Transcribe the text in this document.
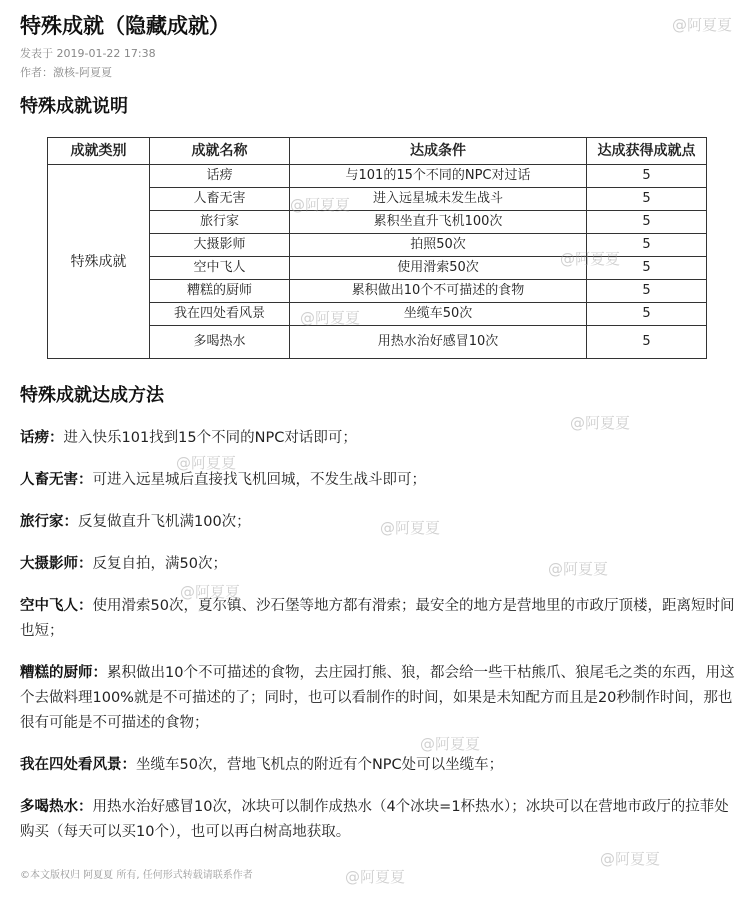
特殊成就（隐藏成就）
发表于 2019-01-22 17:38
作者：激核-阿夏夏
特殊成就说明
成就类别	成就名称	达成条件	达成获得成就点
特殊成就	话痨	与101的15个不同的NPC对过话	5
	人畜无害	进入远星城未发生战斗	5
	旅行家	累积坐直升飞机100次	5
	大摄影师	拍照50次	5
	空中飞人	使用滑索50次	5
	糟糕的厨师	累积做出10个不可描述的食物	5
	我在四处看风景	坐缆车50次	5
	多喝热水	用热水治好感冒10次	5
特殊成就达成方法

话痨：进入快乐101找到15个不同的NPC对话即可；

人畜无害：可进入远星城后直接找飞机回城，不发生战斗即可；

旅行家：反复做直升飞机满100次；

大摄影师：反复自拍，满50次；

空中飞人：使用滑索50次，夏尔镇、沙石堡等地方都有滑索；最安全的地方是营地里的市政厅顶楼，距离短时间也短；

糟糕的厨师：累积做出10个不可描述的食物，去庄园打熊、狼，都会给一些干枯熊爪、狼尾毛之类的东西，用这个去做料理100%就是不可描述的了；同时，也可以看制作的时间，如果是未知配方而且是20秒制作时间，那也很有可能是不可描述的食物；

我在四处看风景：坐缆车50次，营地飞机点的附近有个NPC处可以坐缆车；

多喝热水：用热水治好感冒10次，冰块可以制作成热水（4个冰块=1杯热水）；冰块可以在营地市政厅的拉菲处购买（每天可以买10个），也可以再白树高地获取。

©本文版权归 阿夏夏 所有, 任何形式转载请联系作者
@阿夏夏
@阿夏夏
@阿夏夏
@阿夏夏
@阿夏夏
@阿夏夏
@阿夏夏
@阿夏夏
@阿夏夏
@阿夏夏
@阿夏夏
@阿夏夏
